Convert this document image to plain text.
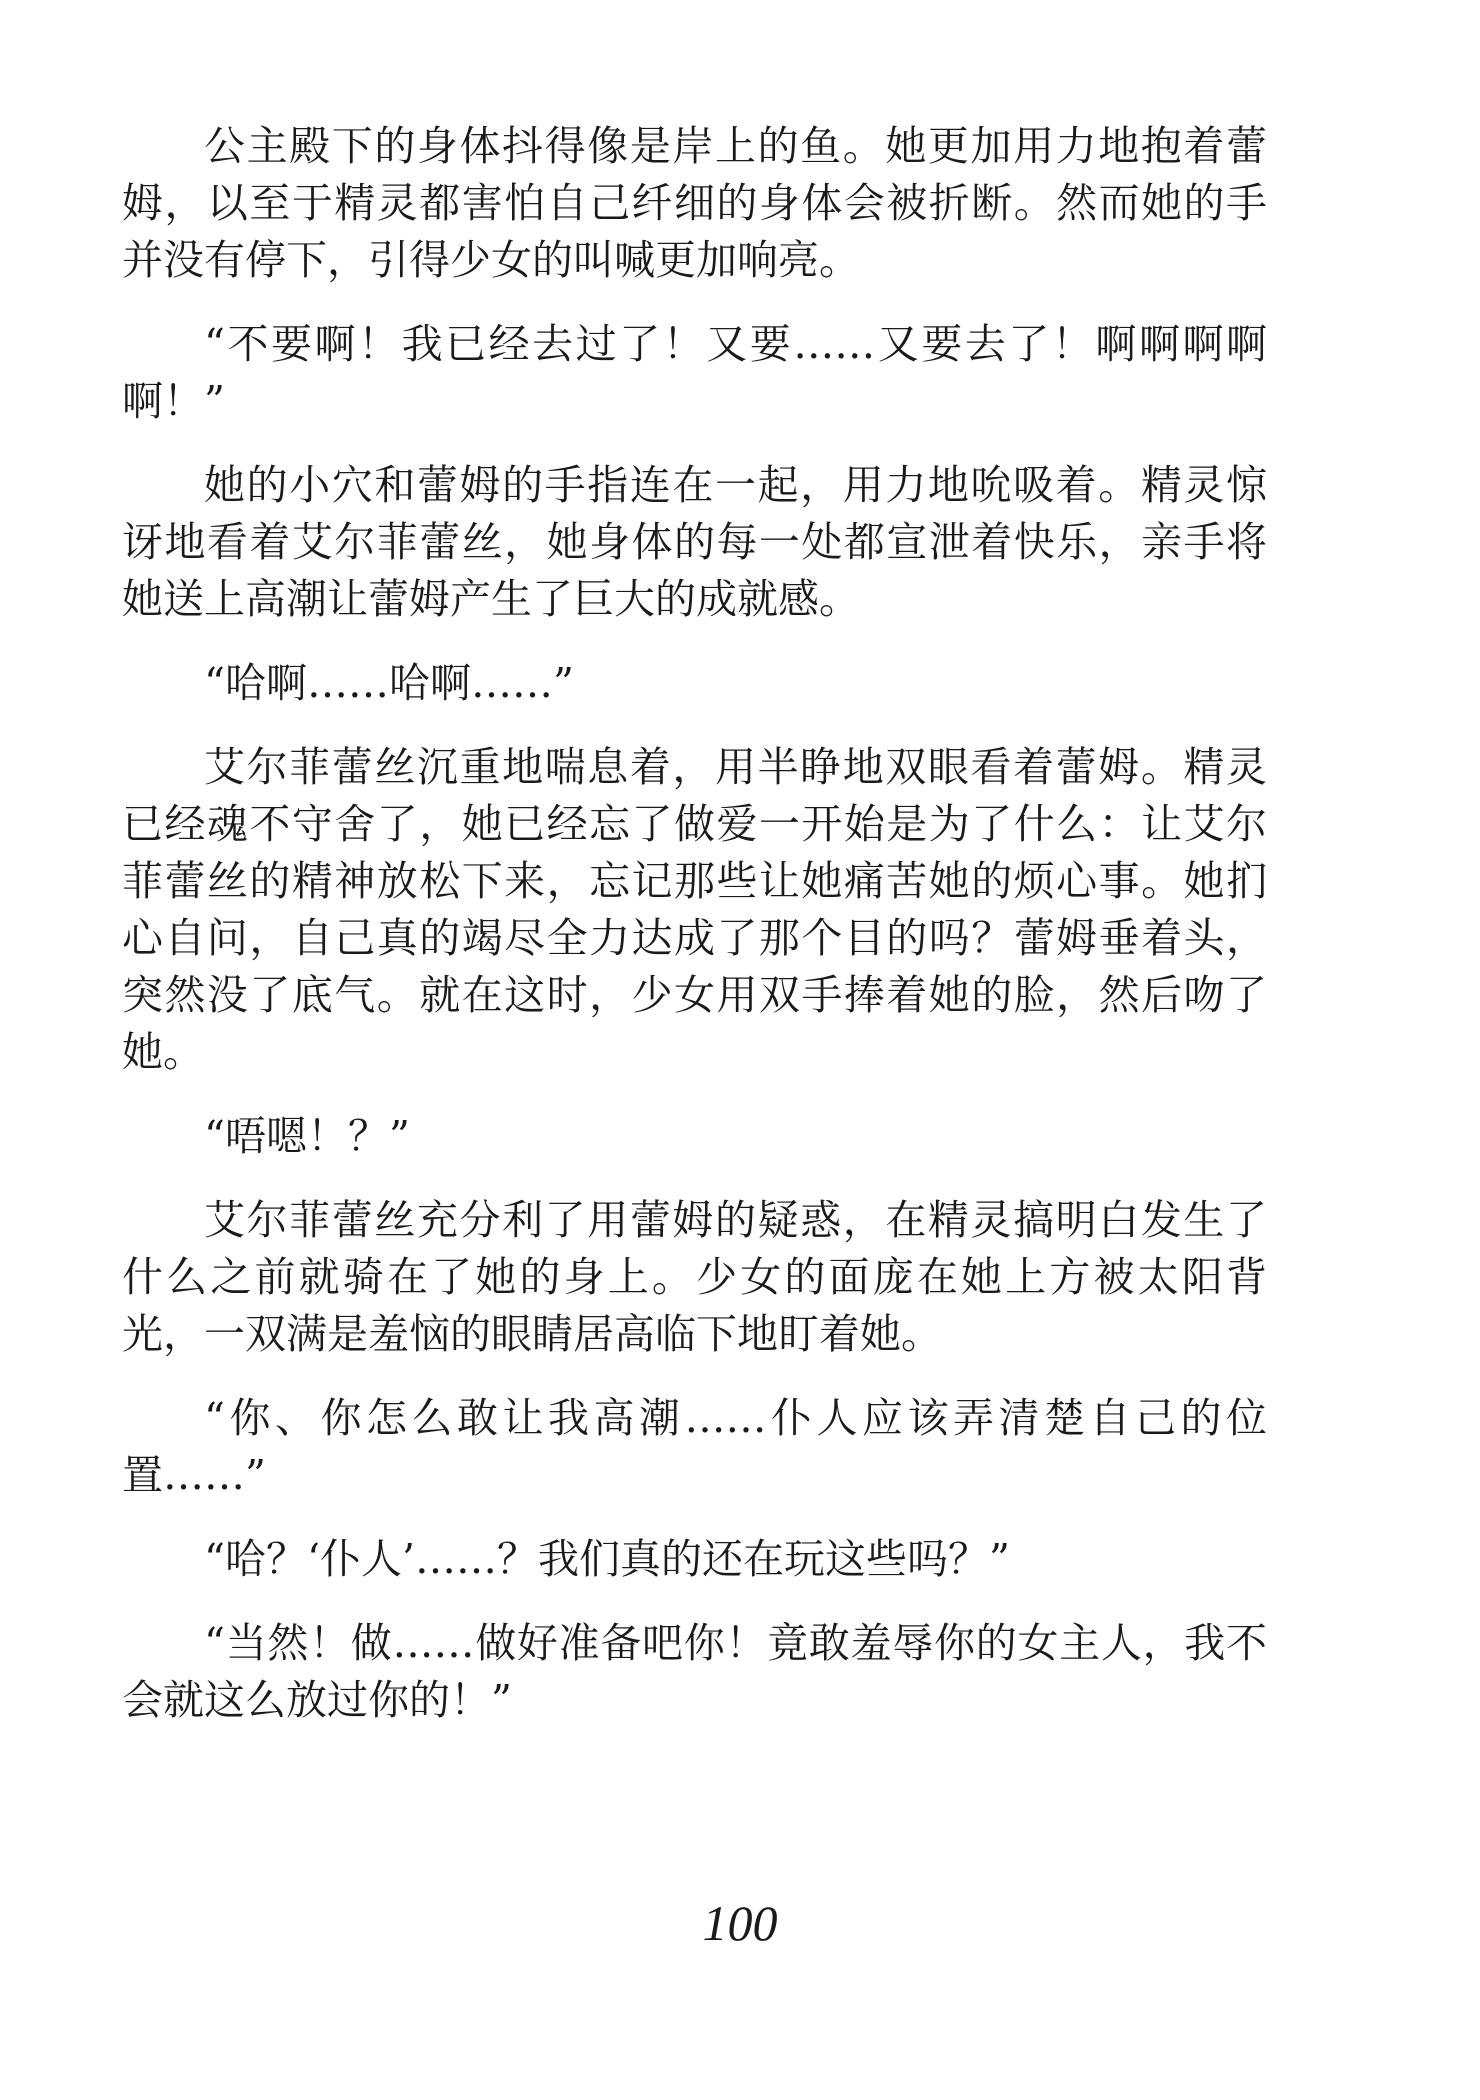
公主殿下的身体抖得像是岸上的鱼。她更加用力地抱着蕾姆，以至于精灵都害怕自己纤细的身体会被折断。然而她的手并没有停下，引得少女的叫喊更加响亮。

“不要啊！我已经去过了！又要……又要去了！啊啊啊啊啊！”

她的小穴和蕾姆的手指连在一起，用力地吮吸着。精灵惊讶地看着艾尔菲蕾丝，她身体的每一处都宣泄着快乐，亲手将她送上高潮让蕾姆产生了巨大的成就感。

“哈啊……哈啊……”

艾尔菲蕾丝沉重地喘息着，用半睁地双眼看着蕾姆。精灵已经魂不守舍了，她已经忘了做爱一开始是为了什么：让艾尔菲蕾丝的精神放松下来，忘记那些让她痛苦她的烦心事。她扪心自问，自己真的竭尽全力达成了那个目的吗？蕾姆垂着头，突然没了底气。就在这时，少女用双手捧着她的脸，然后吻了她。

“唔嗯！？”

艾尔菲蕾丝充分利了用蕾姆的疑惑，在精灵搞明白发生了什么之前就骑在了她的身上。少女的面庞在她上方被太阳背光，一双满是羞恼的眼睛居高临下地盯着她。

“你、你怎么敢让我高潮……仆人应该弄清楚自己的位置……”

“哈？‘仆人’……？我们真的还在玩这些吗？”

“当然！做……做好准备吧你！竟敢羞辱你的女主人，我不会就这么放过你的！”

100
